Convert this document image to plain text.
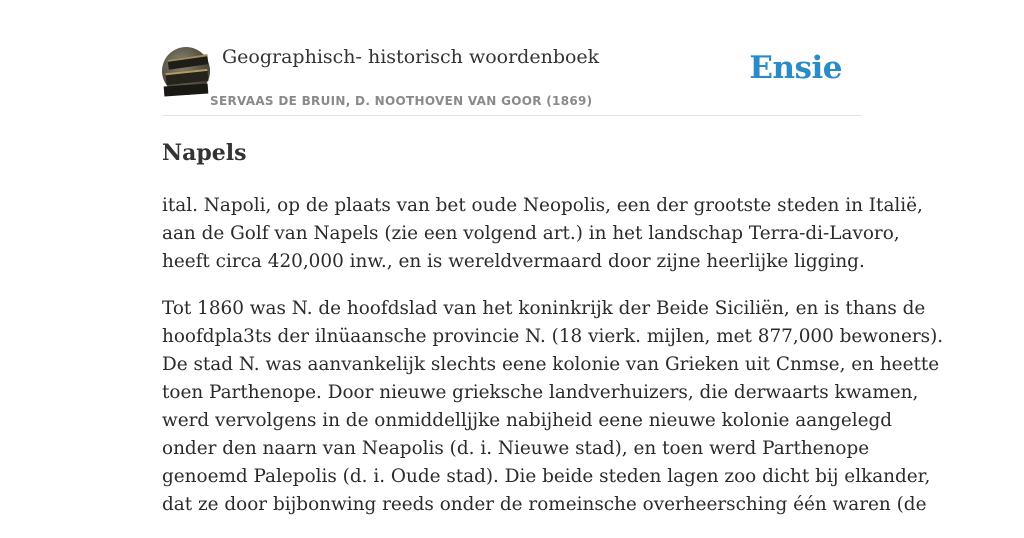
Geographisch- historisch woordenboek
SERVAAS DE BRUIN, D. NOOTHOVEN VAN GOOR (1869)
Ensie
Napels

ital. Napoli, op de plaats van bet oude Neopolis, een der grootste steden in Italië,
aan de Golf van Napels (zie een volgend art.) in het landschap Terra-di-Lavoro,
heeft circa 420,000 inw., en is wereldvermaard door zijne heerlijke ligging.

Tot 1860 was N. de hoofdslad van het koninkrijk der Beide Siciliën, en is thans de
hoofdpla3ts der ilnüaansche provincie N. (18 vierk. mijlen, met 877,000 bewoners).
De stad N. was aanvankelijk slechts eene kolonie van Grieken uit Cnmse, en heette
toen Parthenope. Door nieuwe grieksche landverhuizers, die derwaarts kwamen,
werd vervolgens in de onmiddelljjke nabijheid eene nieuwe kolonie aangelegd
onder den naarn van Neapolis (d. i. Nieuwe stad), en toen werd Parthenope
genoemd Palepolis (d. i. Oude stad). Die beide steden lagen zoo dicht bij elkander,
dat ze door bijbonwing reeds onder de romeinsche overheersching één waren (de
